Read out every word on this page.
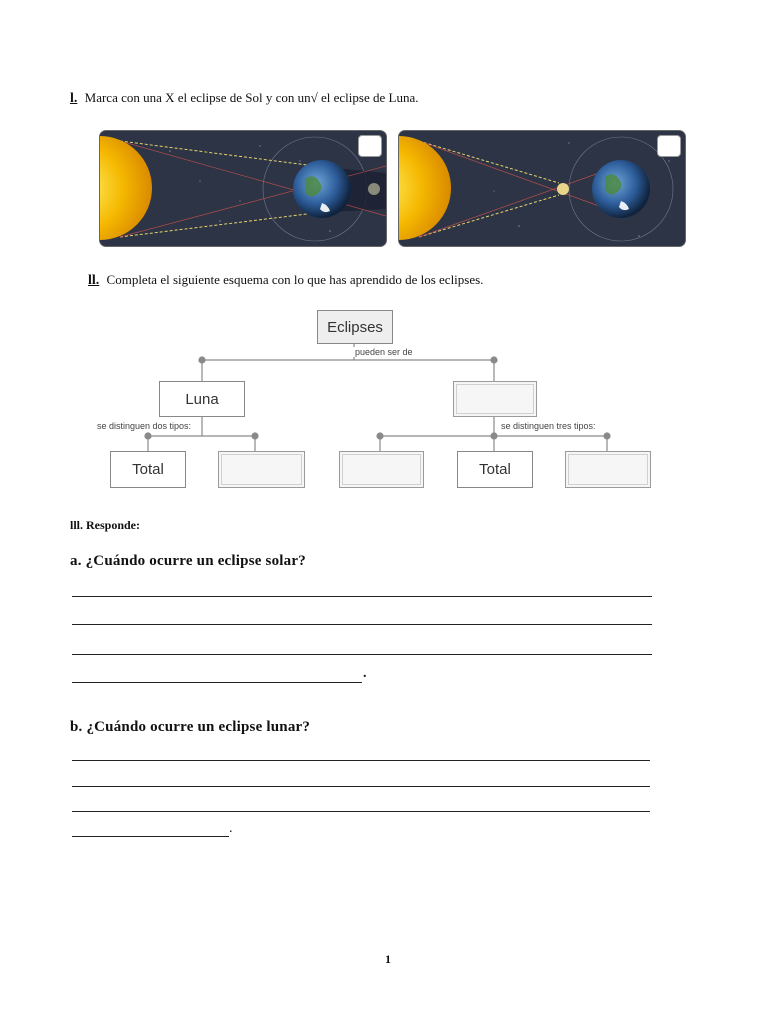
l. Marca con una X el eclipse de Sol y con un√ el eclipse de Luna.
ll. Completa el siguiente esquema con lo que has aprendido de los eclipses.
Eclipses
pueden ser de
Luna
se distinguen dos tipos:	se distinguen tres tipos:
Total	Total
lll. Responde:
a. ¿Cuándo ocurre un eclipse solar?
.
b. ¿Cuándo ocurre un eclipse lunar?
.
1
